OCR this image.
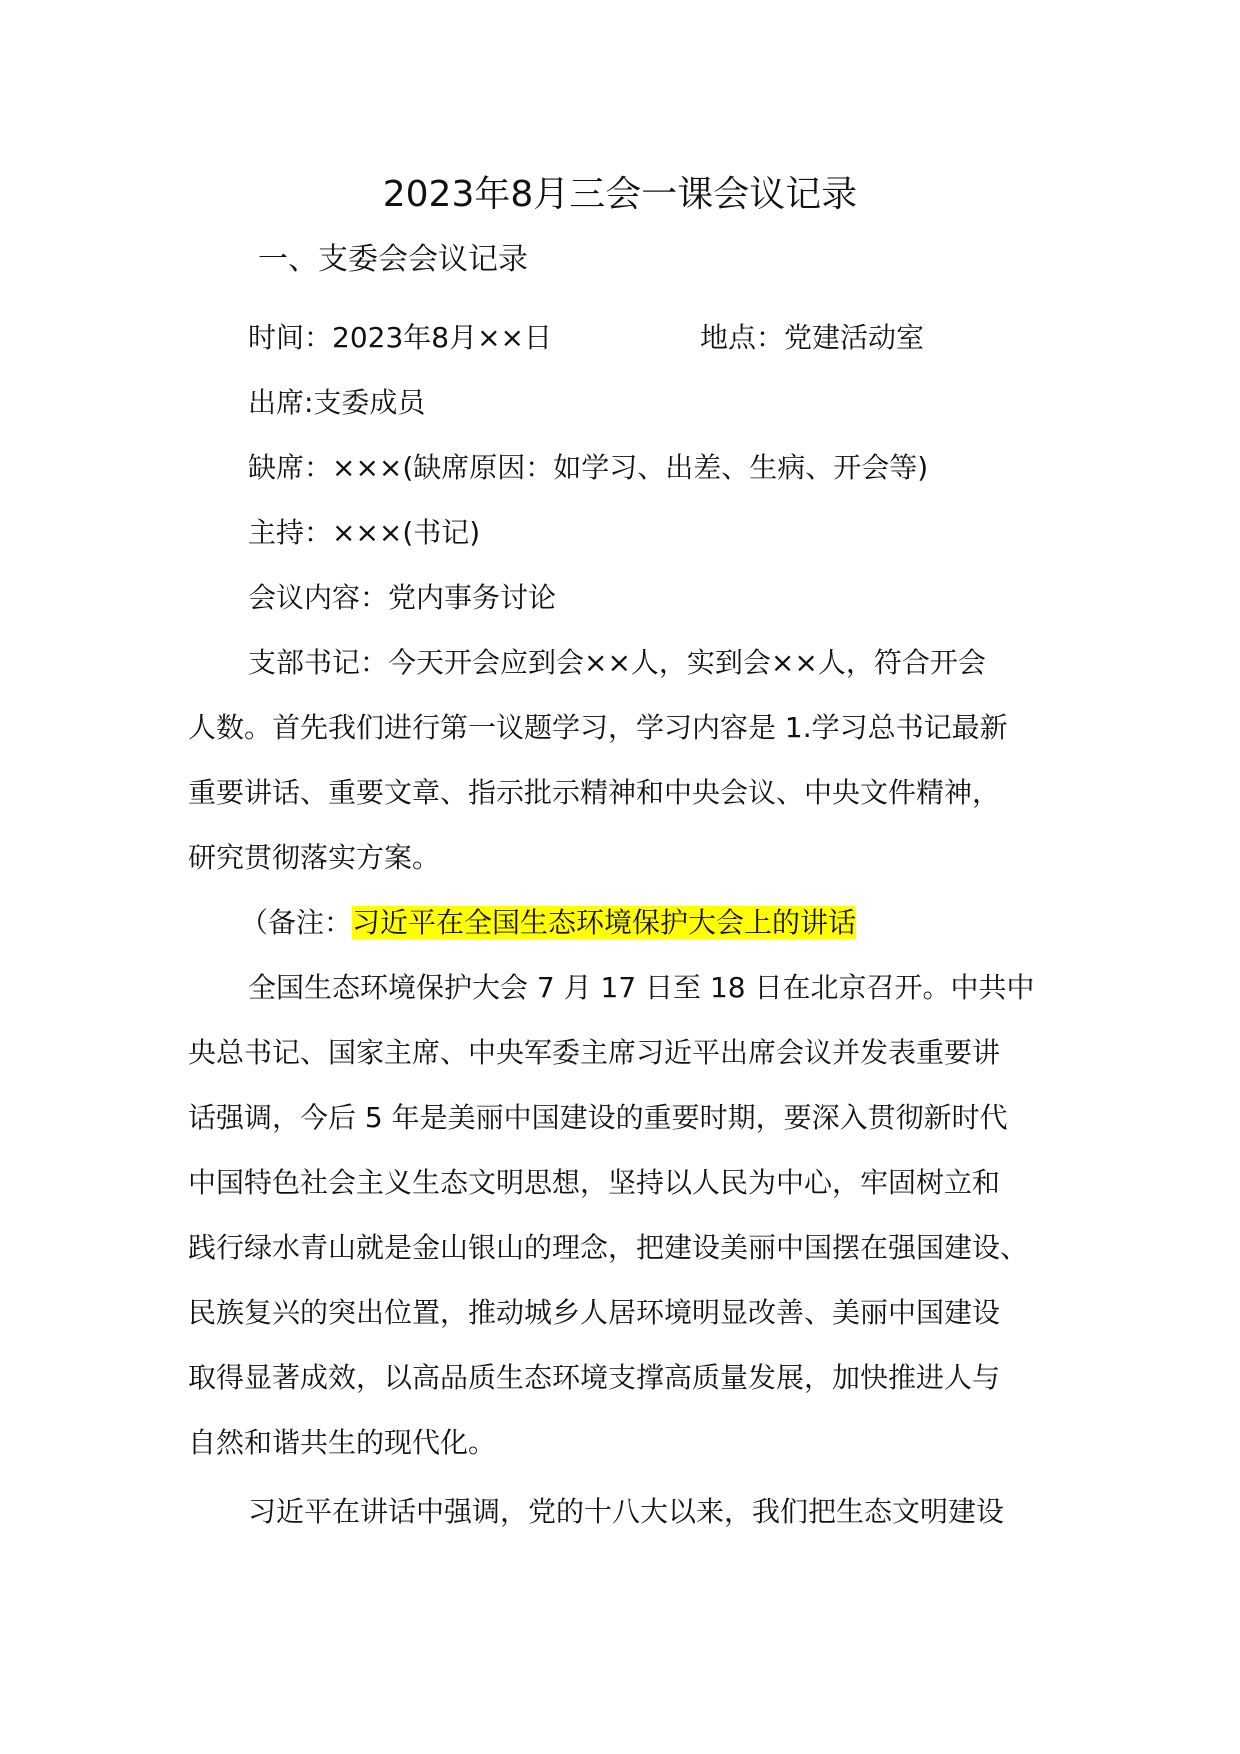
2023年8月三会一课会议记录
一、支委会会议记录
时间：2023年8月××日	地点：党建活动室
出席:支委成员
缺席：×××(缺席原因：如学习、出差、生病、开会等)
主持：×××(书记)
会议内容：党内事务讨论
支部书记：今天开会应到会××人，实到会××人，符合开会
人数。首先我们进行第一议题学习，学习内容是 1.学习总书记最新
重要讲话、重要文章、指示批示精神和中央会议、中央文件精神，
研究贯彻落实方案。
（备注：习近平在全国生态环境保护大会上的讲话
全国生态环境保护大会 7 月 17 日至 18 日在北京召开。中共中
央总书记、国家主席、中央军委主席习近平出席会议并发表重要讲
话强调，今后 5 年是美丽中国建设的重要时期，要深入贯彻新时代
中国特色社会主义生态文明思想，坚持以人民为中心，牢固树立和
践行绿水青山就是金山银山的理念，把建设美丽中国摆在强国建设、
民族复兴的突出位置，推动城乡人居环境明显改善、美丽中国建设
取得显著成效，以高品质生态环境支撑高质量发展，加快推进人与
自然和谐共生的现代化。
习近平在讲话中强调，党的十八大以来，我们把生态文明建设
